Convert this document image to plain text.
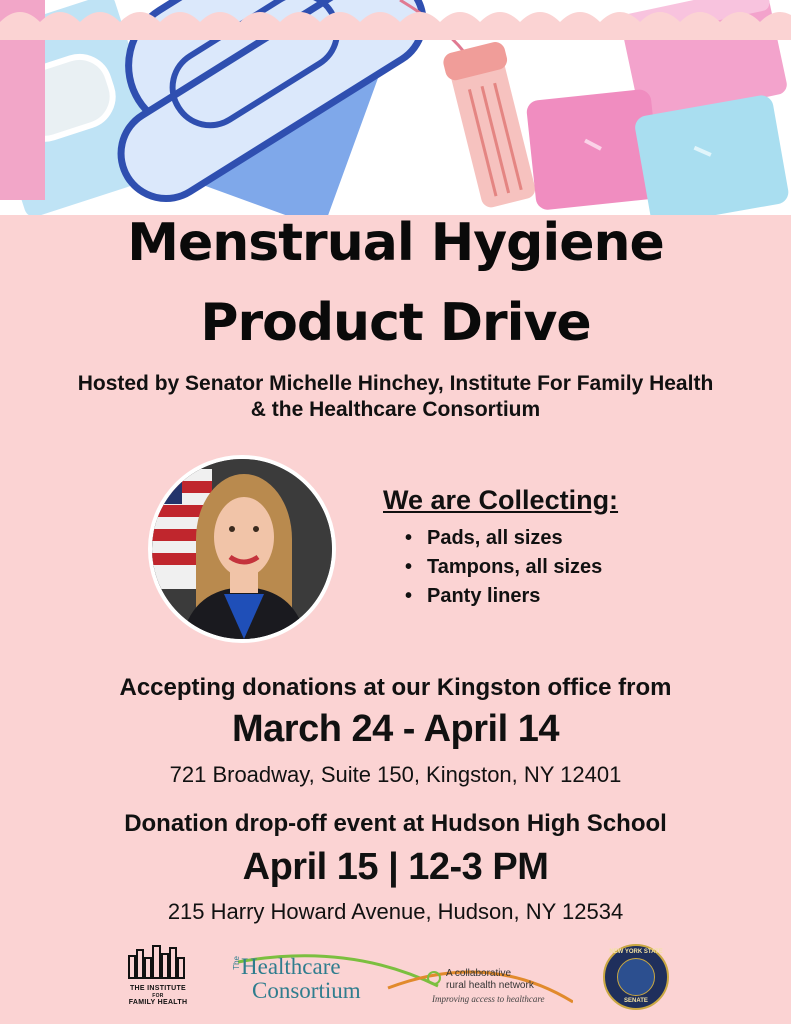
Menstrual Hygiene
Product Drive
Hosted by Senator Michelle Hinchey, Institute For Family Health
& the Healthcare Consortium
We are Collecting:
• Pads, all sizes
• Tampons, all sizes
• Panty liners
Accepting donations at our Kingston office from
March 24 - April 14
721 Broadway, Suite 150, Kingston, NY 12401
Donation drop-off event at Hudson High School
April 15 | 12-3 PM
215 Harry Howard Avenue, Hudson, NY 12534
THE INSTITUTE
FOR
FAMILY HEALTH
The Healthcare
Consortium
A collaborative
rural health network
Improving access to healthcare
NEW YORK STATE
SENATE
